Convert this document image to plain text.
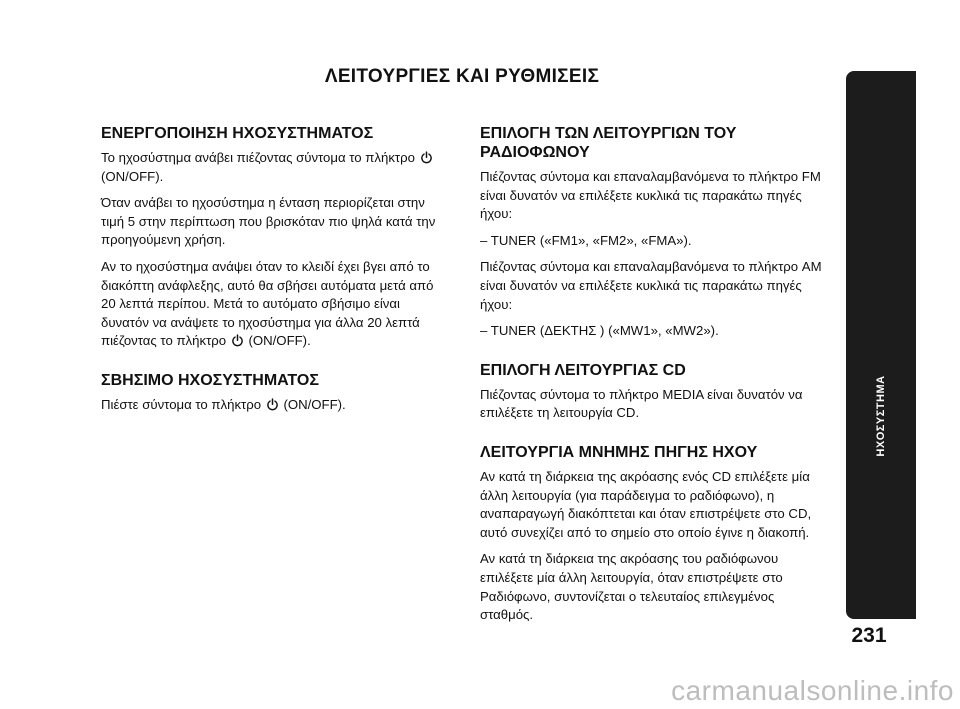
ΛΕΙΤΟΥΡΓΙΕΣ ΚΑΙ ΡΥΘΜΙΣΕΙΣ
ΕΝΕΡΓΟΠΟΙΗΣΗ ΗΧΟΣΥΣΤΗΜΑΤΟΣ

Το ηχοσύστημα ανάβει πιέζοντας σύντομα το πλήκτρο  (ON/OFF).

Όταν ανάβει το ηχοσύστημα η ένταση περιορίζεται στην τιμή 5 στην περίπτωση που βρισκόταν πιο ψηλά κατά την προηγούμενη χρήση.

Αν το ηχοσύστημα ανάψει όταν το κλειδί έχει βγει από το διακόπτη ανάφλεξης, αυτό θα σβήσει αυτόματα μετά από 20 λεπτά περίπου. Μετά το αυτόματο σβήσιμο είναι δυνατόν να ανάψετε το ηχοσύστημα για άλλα 20 λεπτά πιέζοντας το πλήκτρο (ON/OFF).

ΣΒΗΣΙΜΟ ΗΧΟΣΥΣΤΗΜΑΤΟΣ

Πιέστε σύντομα το πλήκτρο (ON/OFF).

ΕΠΙΛΟΓΗ ΤΩΝ ΛΕΙΤΟΥΡΓΙΩΝ ΤΟΥ ΡΑΔΙΟΦΩΝΟΥ

Πιέζοντας σύντομα και επαναλαμβανόμενα το πλήκτρο FM είναι δυνατόν να επιλέξετε κυκλικά τις παρακάτω πηγές ήχου:

– TUNER («FM1», «FM2», «FMA»).

Πιέζοντας σύντομα και επαναλαμβανόμενα το πλήκτρο AM είναι δυνατόν να επιλέξετε κυκλικά τις παρακάτω πηγές ήχου:

– TUNER (ΔΕΚΤΗΣ ) («MW1», «MW2»).

ΕΠΙΛΟΓΗ ΛΕΙΤΟΥΡΓΙΑΣ CD

Πιέζοντας σύντομα το πλήκτρο MEDIA είναι δυνατόν να επιλέξετε τη λειτουργία CD.

ΛΕΙΤΟΥΡΓΙΑ ΜΝΗΜΗΣ ΠΗΓΗΣ ΗΧΟΥ

Αν κατά τη διάρκεια της ακρόασης ενός CD επιλέξετε μία άλλη λειτουργία (για παράδειγμα το ραδιόφωνο), η αναπαραγωγή διακόπτεται και όταν επιστρέψετε στο CD, αυτό συνεχίζει από το σημείο στο οποίο έγινε η διακοπή.

Αν κατά τη διάρκεια της ακρόασης του ραδιόφωνου επιλέξετε μία άλλη λειτουργία, όταν επιστρέψετε στο Ραδιόφωνο, συντονίζεται ο τελευταίος επιλεγμένος σταθμός.

ΗΧΟΣΥΣΤΗΜΑ
231
carmanualsonline.info
